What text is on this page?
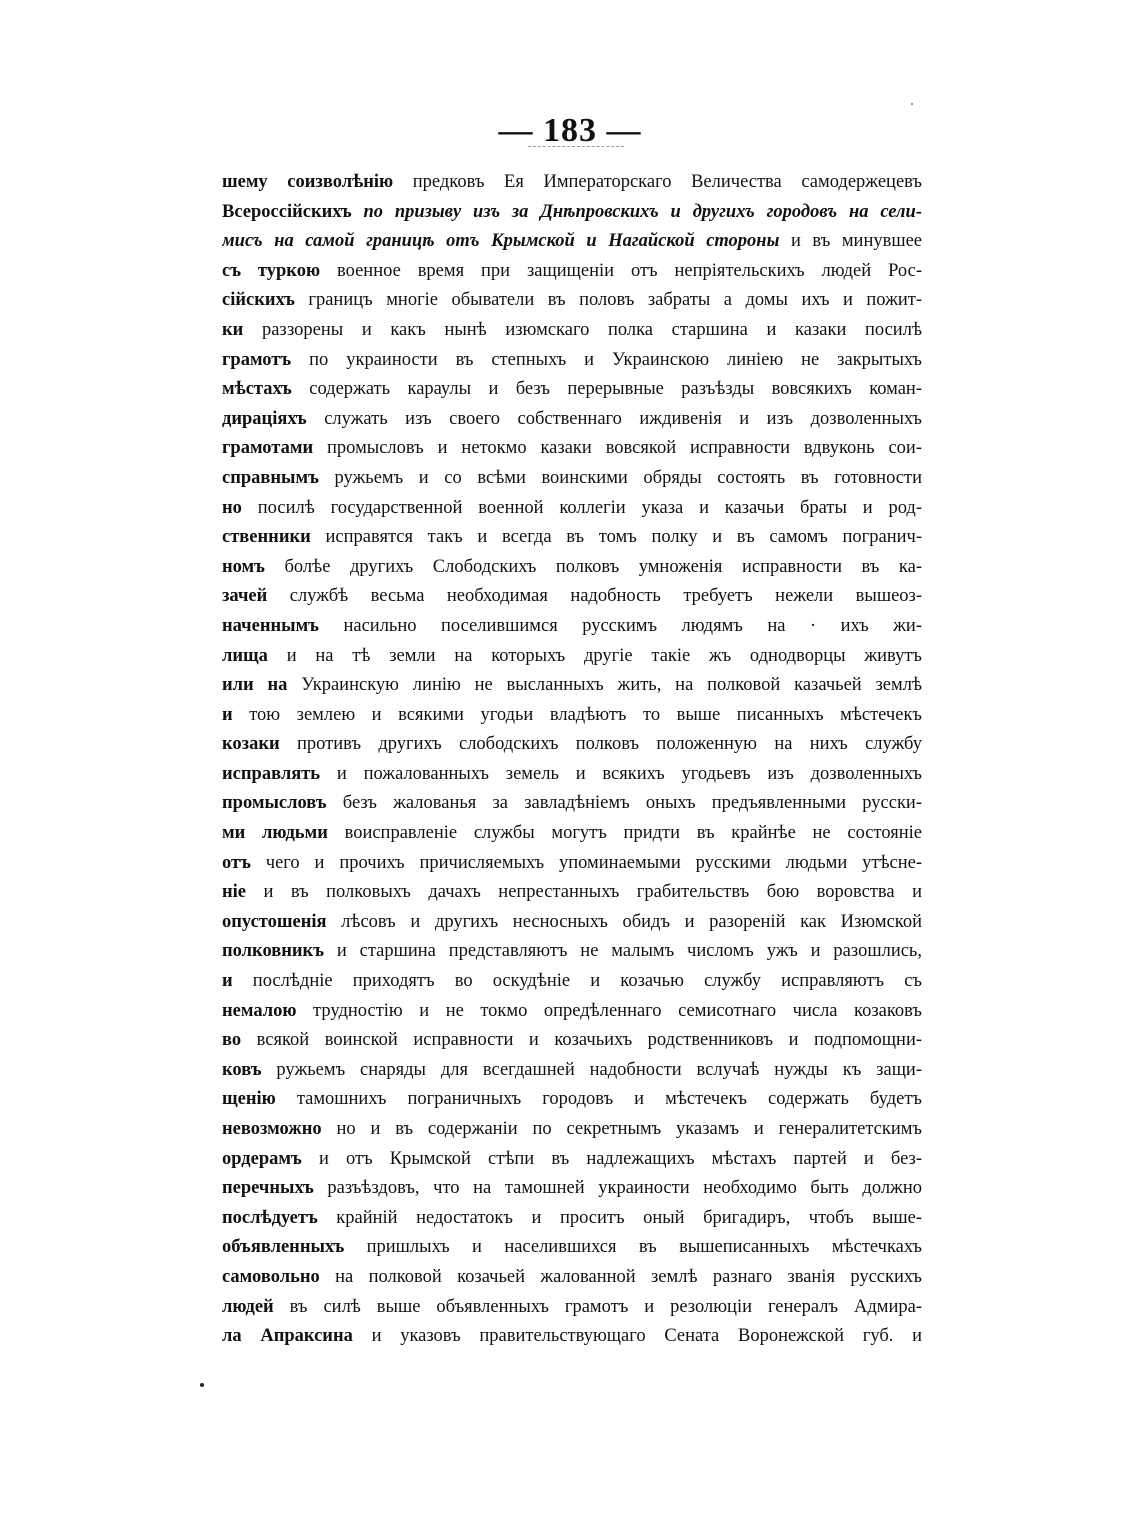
— 183 —
шему соизволѣнію предковъ Ея Императорскаго Величества самодержецевъ
Всероссійскихъ по призыву изъ за Днѣпровскихъ и другихъ городовъ на сели-
мисъ на самой границѣ отъ Крымской и Нагайской стороны и въ минувшее
съ туркою военное время при защищеніи отъ непріятельскихъ людей Рос-
сійскихъ границъ многіе обыватели въ половъ забраты а домы ихъ и пожит-
ки раззорены и какъ нынѣ изюмскаго полка старшина и казаки посилѣ
грамотъ по украиности въ степныхъ и Украинскою линіею не закрытыхъ
мѣстахъ содержать караулы и безъ перерывные разъѣзды вовсякихъ коман-
дирацiяхъ служать изъ своего собственнаго иждивенія и изъ дозволенныхъ
грамотами промысловъ и нетокмо казаки вовсякой исправности вдвуконь сои-
справнымъ ружьемъ и со всѣми воинскими обряды состоять въ готовности
но посилѣ государственной военной коллегіи указа и казачьи браты и род-
ственники исправятся такъ и всегда въ томъ полку и въ самомъ погранич-
номъ болѣе другихъ Слободскихъ полковъ умноженія исправности въ ка-
зачей службѣ весьма необходимая надобность требуетъ нежели вышеоз-
наченнымъ насильно поселившимся русскимъ людямъ на · ихъ жи-
лища и на тѣ земли на которыхъ другіе такіе жъ однодворцы живутъ
или на Украинскую линію не высланныхъ жить, на полковой казачьей землѣ
и тою землею и всякими угодьи владѣютъ то выше писанныхъ мѣстечекъ
козаки противъ другихъ слободскихъ полковъ положенную на нихъ службу
исправлять и пожалованныхъ земель и всякихъ угодьевъ изъ дозволенныхъ
промысловъ безъ жалованья за завладѣніемъ оныхъ предъявленными русски-
ми людьми воисправленіе службы могутъ придти въ крайнѣе не состояніе
отъ чего и прочихъ причисляемыхъ упоминаемыми русскими людьми утѣсне-
ніе и въ полковыхъ дачахъ непрестанныхъ грабительствъ бою воровства и
опустошенія лѣсовъ и другихъ несносныхъ обидъ и разореній как Изюмской
полковникъ и старшина представляютъ не малымъ числомъ ужъ и разошлись,
и послѣдніе приходятъ во оскудѣніе и козачью службу исправляютъ съ
немалою трудностію и не токмо опредѣленнаго семисотнаго числа козаковъ
во всякой воинской исправности и козачьихъ родственниковъ и подпомощни-
ковъ ружьемъ снаряды для всегдашней надобности вслучаѣ нужды къ защи-
щенію тамошнихъ пограничныхъ городовъ и мѣстечекъ содержать будетъ
невозможно но и въ содержаніи по секретнымъ указамъ и генералитетскимъ
ордерамъ и отъ Крымской стѣпи въ надлежащихъ мѣстахъ партей и без-
перечныхъ разъѣздовъ, что на тамошней украиности необходимо быть должно
послѣдуетъ крайній недостатокъ и проситъ оный бригадиръ, чтобъ выше-
объявленныхъ пришлыхъ и населившихся въ вышеписанныхъ мѣстечкахъ
самовольно на полковой козачьей жалованной землѣ разнаго званія русскихъ
людей въ силѣ выше объявленныхъ грамотъ и резолюціи генералъ Адмира-
ла Апраксина и указовъ правительствующаго Сената Воронежской губ. и
